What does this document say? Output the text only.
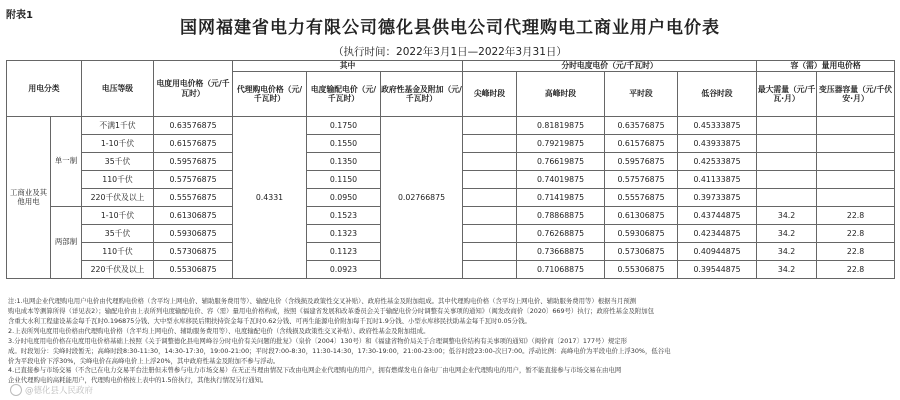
附表1
国网福建省电力有限公司德化县供电公司代理购电工商业用户电价表
（执行时间：2022年3月1日—2022年3月31日）
用电分类		电压等级	电度用电价格（元/千瓦时）	其中			分时电度电价（元/千瓦时）				容（需）量用电价格	
				代理购电价格（元/千瓦时）	电度输配电价（元/千瓦时）	政府性基金及附加（元/千瓦时）	尖峰时段	高峰时段	平时段	低谷时段	最大需量（元/千瓦·月）	变压器容量（元/千伏安·月）
工商业及其他用电	单一制	不满1千伏	0.63576875	0.4331	0.1750	0.02766875		0.81819875	0.63576875	0.45333875		
		1-10千伏	0.61576875		0.1550			0.79219875	0.61576875	0.43933875		
		35千伏	0.59576875		0.1350			0.76619875	0.59576875	0.42533875		
		110千伏	0.57576875		0.1150			0.74019875	0.57576875	0.41133875		
		220千伏及以上	0.55576875		0.0950			0.71419875	0.55576875	0.39733875		
	两部制	1-10千伏	0.61306875		0.1523			0.78868875	0.61306875	0.43744875	34.2	22.8
		35千伏	0.59306875		0.1323			0.76268875	0.59306875	0.42344875	34.2	22.8
		110千伏	0.57306875		0.1123			0.73668875	0.57306875	0.40944875	34.2	22.8
		220千伏及以上	0.55306875		0.0923			0.71068875	0.55306875	0.39544875	34.2	22.8

注:1.电网企业代理购电用户电价由代理购电价格（含平均上网电价、辅助服务费用等）、输配电价（含线损及政策性交叉补贴）、政府性基金及附加组成。其中代理购电价格（含平均上网电价、辅助服务费用等）根据当月预测

购电成本等测算所得（详见表2）；输配电价由上表所列电度输配电价、容（需）量用电价格构成，按照《福建省发展和改革委员会关于输配电价分时调整有关事项的通知》（闽发改商价〔2020〕669号）执行；政府性基金及附加包

含重大水利工程建设基金每千瓦时0.196875分钱、大中型水库移民后期扶持资金每千瓦时0.62分钱、可再生能源电价附加每千瓦时1.9分钱、小型水库移民扶助基金每千瓦时0.05分钱。

2.上表所列电度用电价格由代理购电价格（含平均上网电价、辅助服务费用等）、电度输配电价（含线损及政策性交叉补贴）、政府性基金及附加组成。

3.分时电度用电价格在电度用电价格基础上按照《关于调整德化县电网峰谷分时电价有关问题的批复》（泉价〔2004〕130号）和《福建省物价局关于合理调整电价结构有关事项的通知》（闽价商〔2017〕177号）规定形

成。时段划分：尖峰时段暂无；高峰时段8:30-11:30，14:30-17:30，19:00-21:00；平时段7:00-8:30，11:30-14:30，17:30-19:00，21:00-23:00；低谷时段23:00-次日7:00。浮动比例：高峰电价为平段电价上浮30%，低谷电

价为平段电价下浮30%，尖峰电价在高峰电价上上浮20%，其中政府性基金及附加不参与浮动。

4.已直接参与市场交易（不含已在电力交易平台注册但未曾参与电力市场交易）在无正当理由情况下改由电网企业代理购电的用户，拥有燃煤发电自备电厂由电网企业代理购电的用户，暂不能直接参与市场交易在由电网

企业代理购电的高耗能用户，代理购电价格按上表中的1.5倍执行，其他执行情况另行通知。

@德化县人民政府
